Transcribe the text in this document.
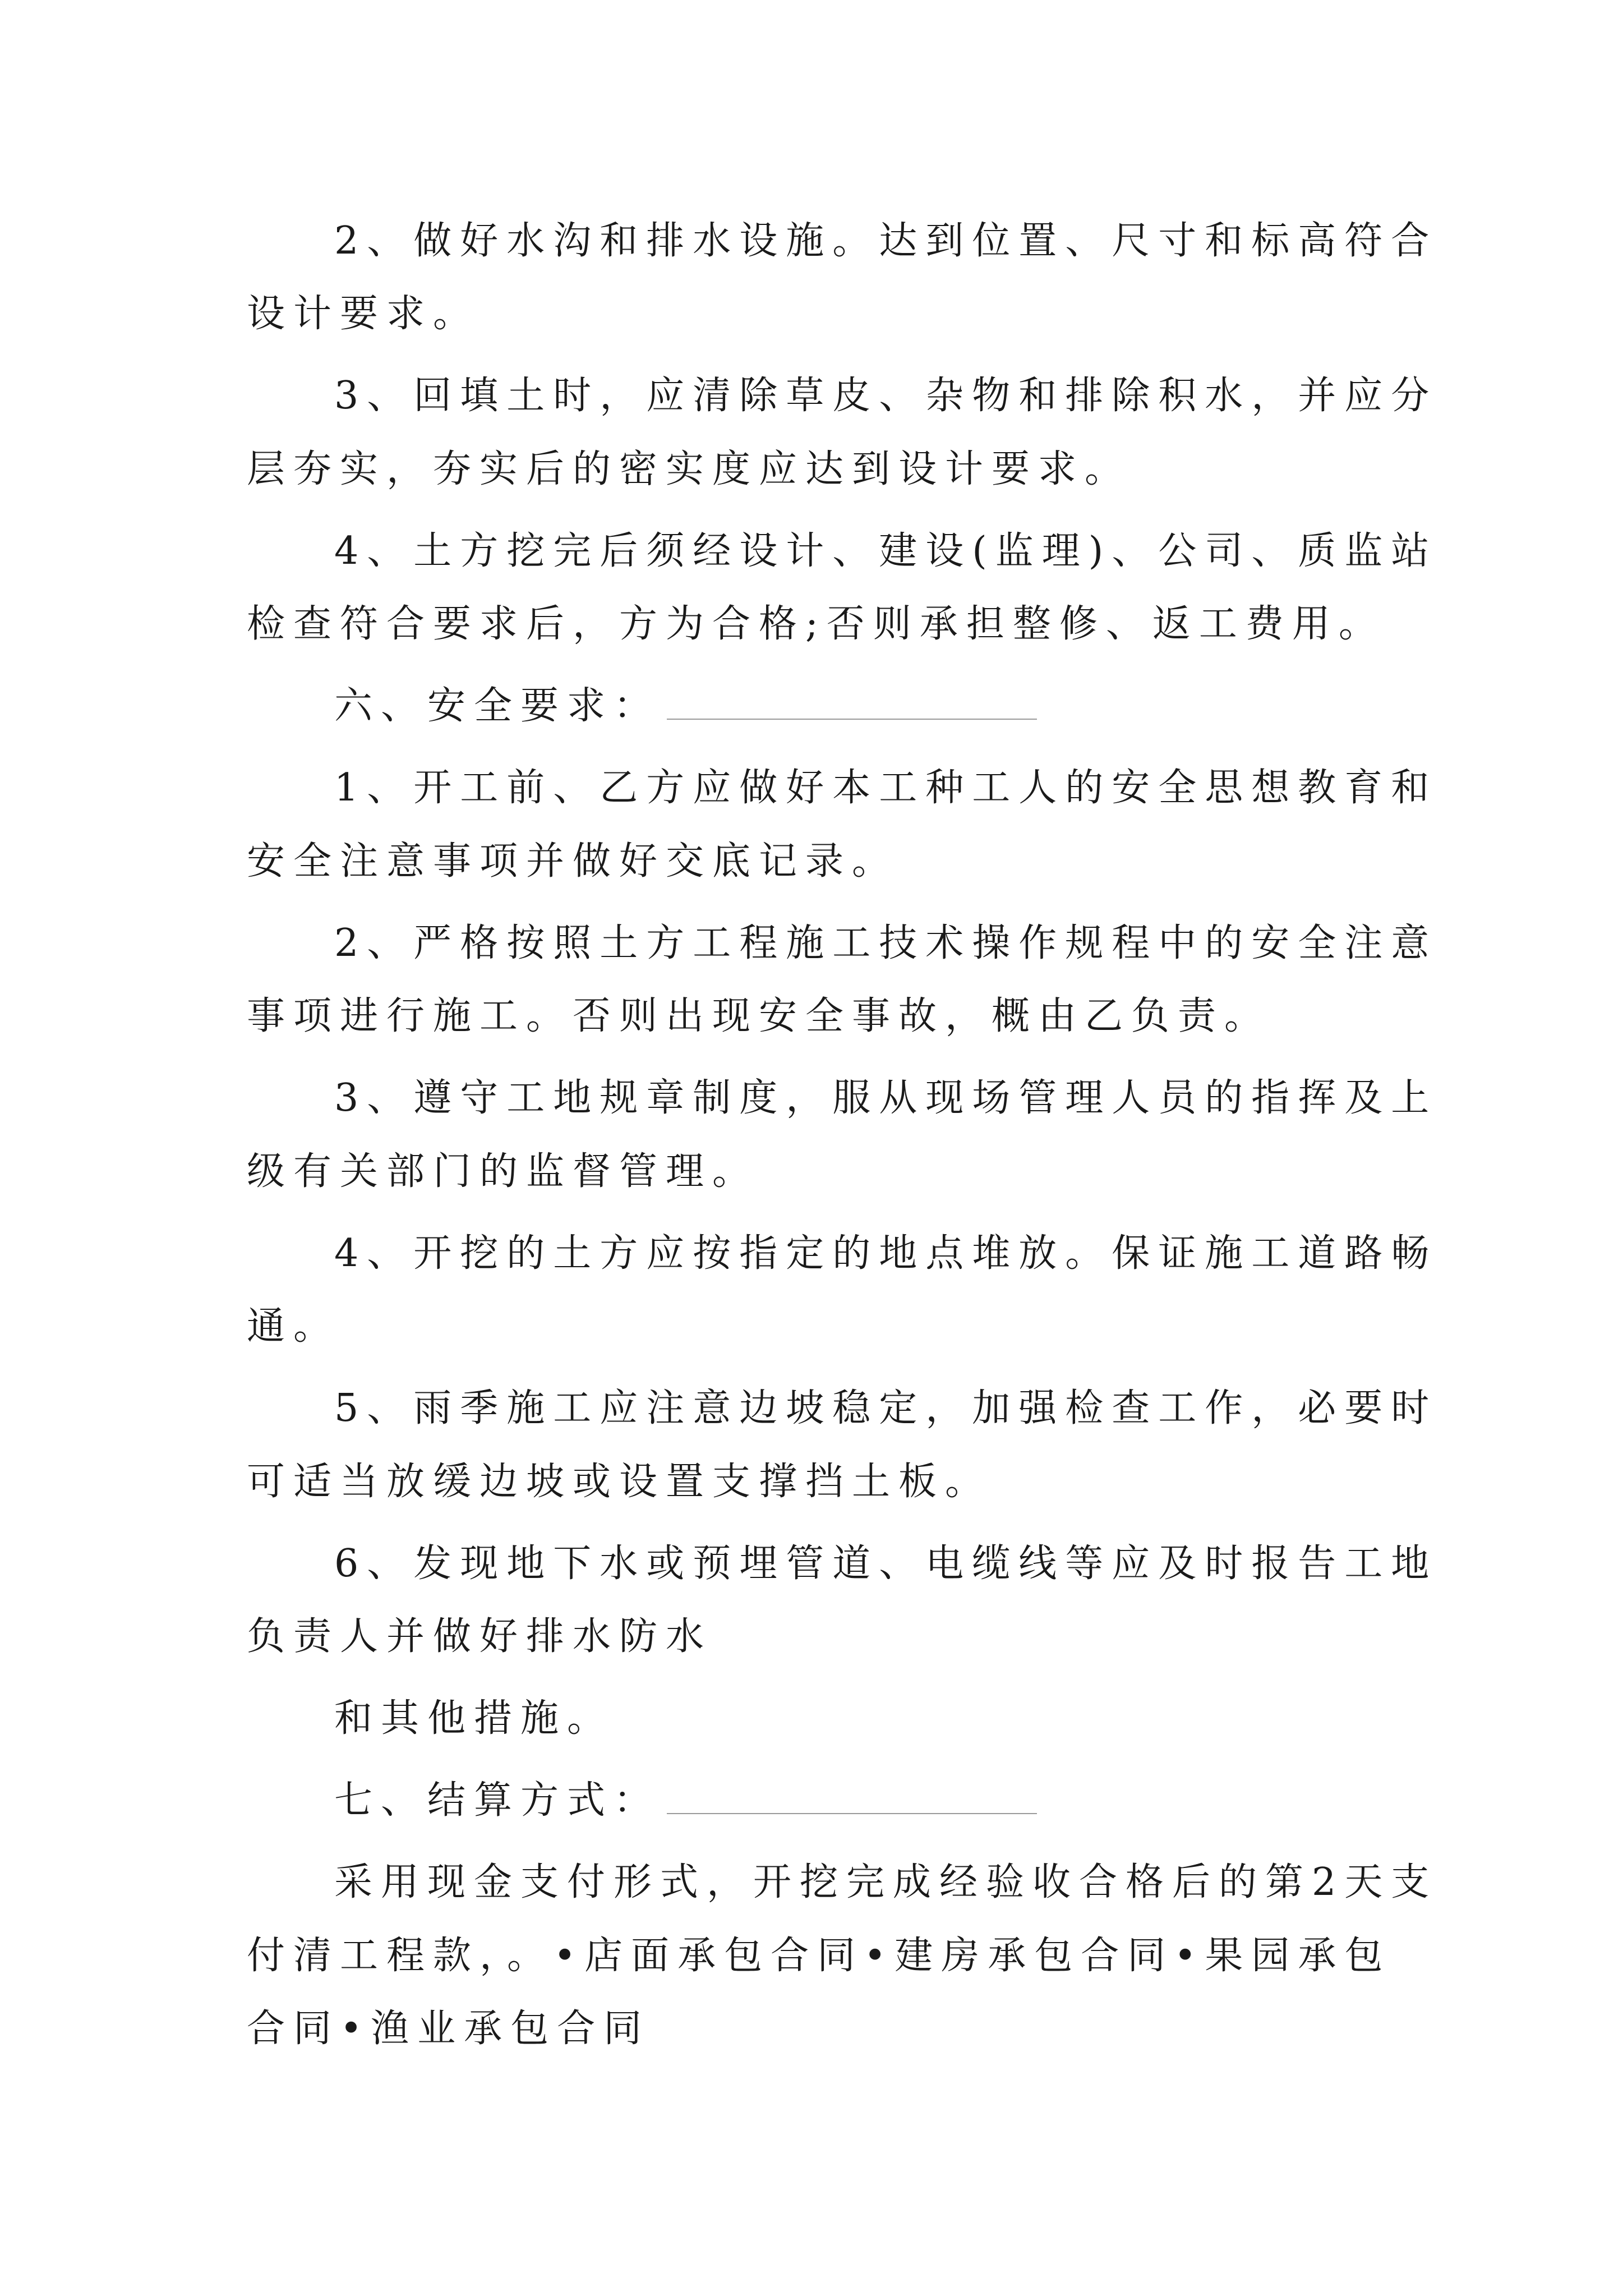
2、做好水沟和排水设施。达到位置、尺寸和标高符合
设计要求。
3、回填土时，应清除草皮、杂物和排除积水，并应分
层夯实，夯实后的密实度应达到设计要求。
4、土方挖完后须经设计、建设(监理)、公司、质监站
检查符合要求后，方为合格;否则承担整修、返工费用。
六、安全要求：
1、开工前、乙方应做好本工种工人的安全思想教育和
安全注意事项并做好交底记录。
2、严格按照土方工程施工技术操作规程中的安全注意
事项进行施工。否则出现安全事故，概由乙负责。
3、遵守工地规章制度，服从现场管理人员的指挥及上
级有关部门的监督管理。
4、开挖的土方应按指定的地点堆放。保证施工道路畅
通。
5、雨季施工应注意边坡稳定，加强检查工作，必要时
可适当放缓边坡或设置支撑挡土板。
6、发现地下水或预埋管道、电缆线等应及时报告工地
负责人并做好排水防水
和其他措施。
七、结算方式：
采用现金支付形式，开挖完成经验收合格后的第2天支
付清工程款，。•店面承包合同•建房承包合同•果园承包
合同•渔业承包合同
